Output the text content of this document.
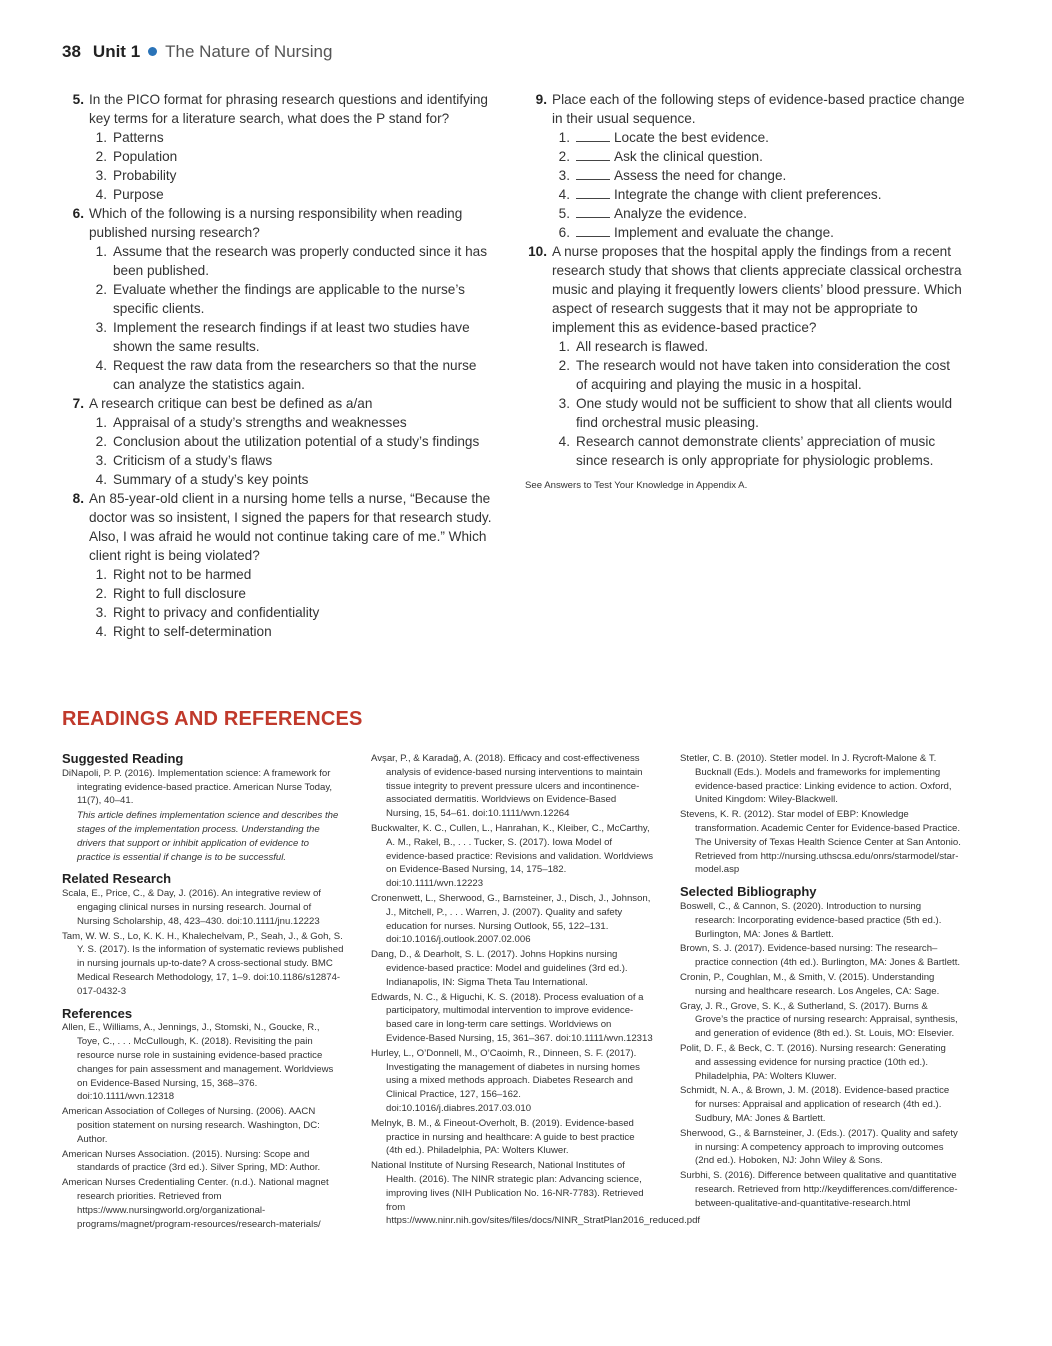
38 Unit 1 The Nature of Nursing
5. In the PICO format for phrasing research questions and identifying key terms for a literature search, what does the P stand for?
1. Patterns
2. Population
3. Probability
4. Purpose
6. Which of the following is a nursing responsibility when reading published nursing research?
1. Assume that the research was properly conducted since it has been published.
2. Evaluate whether the findings are applicable to the nurse’s specific clients.
3. Implement the research findings if at least two studies have shown the same results.
4. Request the raw data from the researchers so that the nurse can analyze the statistics again.
7. A research critique can best be defined as a/an
1. Appraisal of a study’s strengths and weaknesses
2. Conclusion about the utilization potential of a study’s findings
3. Criticism of a study’s flaws
4. Summary of a study’s key points
8. An 85-year-old client in a nursing home tells a nurse, “Because the doctor was so insistent, I signed the papers for that research study. Also, I was afraid he would not continue taking care of me.” Which client right is being violated?
1. Right not to be harmed
2. Right to full disclosure
3. Right to privacy and confidentiality
4. Right to self-determination
9. Place each of the following steps of evidence-based practice change in their usual sequence.
1.	Locate the best evidence.
2.	Ask the clinical question.
3.	Assess the need for change.
4.	Integrate the change with client preferences.
5.	Analyze the evidence.
6.	Implement and evaluate the change.
10. A nurse proposes that the hospital apply the findings from a recent research study that shows that clients appreciate classical orchestra music and playing it frequently lowers clients’ blood pressure. Which aspect of research suggests that it may not be appropriate to implement this as evidence-based practice?
1. All research is flawed.
2. The research would not have taken into consideration the cost of acquiring and playing the music in a hospital.
3. One study would not be sufficient to show that all clients would find orchestral music pleasing.
4. Research cannot demonstrate clients’ appreciation of music since research is only appropriate for physiologic problems.
See Answers to Test Your Knowledge in Appendix A.
READINGS AND REFERENCES
Suggested Reading
DiNapoli, P. P. (2016). Implementation science: A framework for integrating evidence-based practice. American Nurse Today, 11(7), 40–41.
This article defines implementation science and describes the stages of the implementation process. Understanding the drivers that support or inhibit application of evidence to practice is essential if change is to be successful.
Related Research
Scala, E., Price, C., & Day, J. (2016). An integrative review of engaging clinical nurses in nursing research. Journal of Nursing Scholarship, 48, 423–430. doi:10.1111/jnu.12223
Tam, W. W. S., Lo, K. K. H., Khalechelvam, P., Seah, J., & Goh, S. Y. S. (2017). Is the information of systematic reviews published in nursing journals up-to-date? A cross-sectional study. BMC Medical Research Methodology, 17, 1–9. doi:10.1186/s12874-017-0432-3
References
Allen, E., Williams, A., Jennings, J., Stomski, N., Goucke, R., Toye, C., . . . McCullough, K. (2018). Revisiting the pain resource nurse role in sustaining evidence-based practice changes for pain assessment and management. Worldviews on Evidence-Based Nursing, 15, 368–376. doi:10.1111/wvn.12318
American Association of Colleges of Nursing. (2006). AACN position statement on nursing research. Washington, DC: Author.
American Nurses Association. (2015). Nursing: Scope and standards of practice (3rd ed.). Silver Spring, MD: Author.
American Nurses Credentialing Center. (n.d.). National magnet research priorities. Retrieved from https://www.nursingworld.org/organizational-programs/magnet/program-resources/research-materials/
Avşar, P., & Karadağ, A. (2018). Efficacy and cost-effectiveness analysis of evidence-based nursing interventions to maintain tissue integrity to prevent pressure ulcers and incontinence-associated dermatitis. Worldviews on Evidence-Based Nursing, 15, 54–61. doi:10.1111/wvn.12264
Buckwalter, K. C., Cullen, L., Hanrahan, K., Kleiber, C., McCarthy, A. M., Rakel, B., . . . Tucker, S. (2017). Iowa Model of evidence-based practice: Revisions and validation. Worldviews on Evidence-Based Nursing, 14, 175–182. doi:10.1111/wvn.12223
Cronenwett, L., Sherwood, G., Barnsteiner, J., Disch, J., Johnson, J., Mitchell, P., . . . Warren, J. (2007). Quality and safety education for nurses. Nursing Outlook, 55, 122–131. doi:10.1016/j.outlook.2007.02.006
Dang, D., & Dearholt, S. L. (2017). Johns Hopkins nursing evidence-based practice: Model and guidelines (3rd ed.). Indianapolis, IN: Sigma Theta Tau International.
Edwards, N. C., & Higuchi, K. S. (2018). Process evaluation of a participatory, multimodal intervention to improve evidence-based care in long-term care settings. Worldviews on Evidence-Based Nursing, 15, 361–367. doi:10.1111/wvn.12313
Hurley, L., O’Donnell, M., O’Caoimh, R., Dinneen, S. F. (2017). Investigating the management of diabetes in nursing homes using a mixed methods approach. Diabetes Research and Clinical Practice, 127, 156–162. doi:10.1016/j.diabres.2017.03.010
Melnyk, B. M., & Fineout-Overholt, B. (2019). Evidence-based practice in nursing and healthcare: A guide to best practice (4th ed.). Philadelphia, PA: Wolters Kluwer.
National Institute of Nursing Research, National Institutes of Health. (2016). The NINR strategic plan: Advancing science, improving lives (NIH Publication No. 16-NR-7783). Retrieved from https://www.ninr.nih.gov/sites/files/docs/NINR_StratPlan2016_reduced.pdf
Stetler, C. B. (2010). Stetler model. In J. Rycroft-Malone & T. Bucknall (Eds.). Models and frameworks for implementing evidence-based practice: Linking evidence to action. Oxford, United Kingdom: Wiley-Blackwell.
Stevens, K. R. (2012). Star model of EBP: Knowledge transformation. Academic Center for Evidence-based Practice. The University of Texas Health Science Center at San Antonio. Retrieved from http://nursing.uthscsa.edu/onrs/starmodel/star-model.asp
Selected Bibliography
Boswell, C., & Cannon, S. (2020). Introduction to nursing research: Incorporating evidence-based practice (5th ed.). Burlington, MA: Jones & Bartlett.
Brown, S. J. (2017). Evidence-based nursing: The research–practice connection (4th ed.). Burlington, MA: Jones & Bartlett.
Cronin, P., Coughlan, M., & Smith, V. (2015). Understanding nursing and healthcare research. Los Angeles, CA: Sage.
Gray, J. R., Grove, S. K., & Sutherland, S. (2017). Burns & Grove’s the practice of nursing research: Appraisal, synthesis, and generation of evidence (8th ed.). St. Louis, MO: Elsevier.
Polit, D. F., & Beck, C. T. (2016). Nursing research: Generating and assessing evidence for nursing practice (10th ed.). Philadelphia, PA: Wolters Kluwer.
Schmidt, N. A., & Brown, J. M. (2018). Evidence-based practice for nurses: Appraisal and application of research (4th ed.). Sudbury, MA: Jones & Bartlett.
Sherwood, G., & Barnsteiner, J. (Eds.). (2017). Quality and safety in nursing: A competency approach to improving outcomes (2nd ed.). Hoboken, NJ: John Wiley & Sons.
Surbhi, S. (2016). Difference between qualitative and quantitative research. Retrieved from http://keydifferences.com/difference-between-qualitative-and-quantitative-research.html
